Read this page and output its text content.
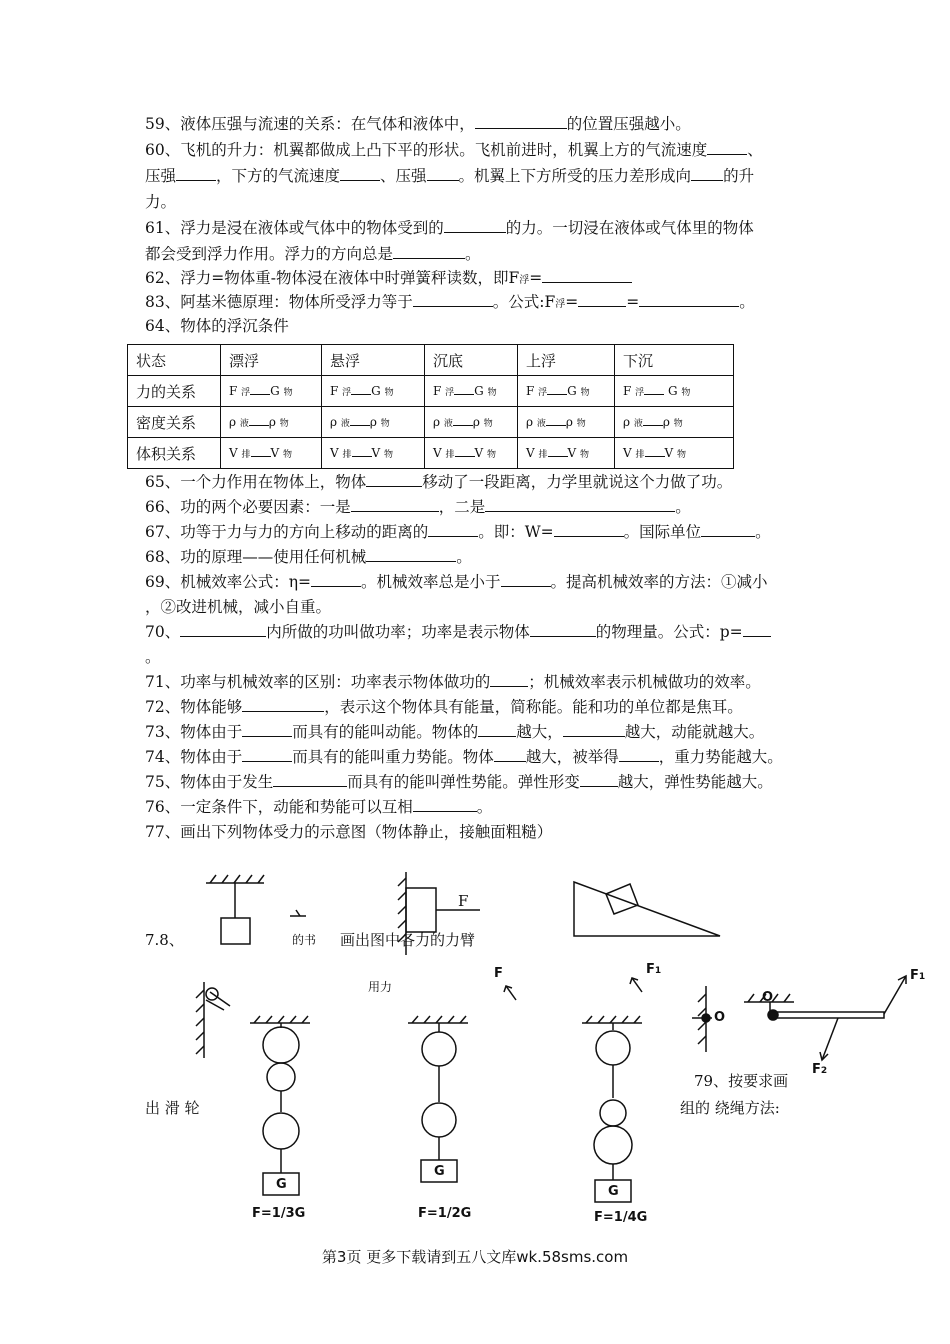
59、液体压强与流速的关系：在气体和液体中，	的位置压强越小。
60、飞机的升力：机翼都做成上凸下平的形状。飞机前进时，机翼上方的气流速度	、
压强	，下方的气流速度	、压强 。机翼上下方所受的压力差形成向 的升
力。
61、浮力是浸在液体或气体中的物体受到的	的力。一切浸在液体或气体里的物体
都会受到浮力作用。浮力的方向总是	。
62、浮力=物体重-物体浸在液体中时弹簧秤读数，即F浮=
83、阿基米德原理：物体所受浮力等于	。公式:F浮=	=	。
64、物体的浮沉条件
状态	漂浮	悬浮	沉底	上浮	下沉
力的关系	F 浮 G 物	F 浮 G 物	F 浮 G 物	F 浮 G 物	F 浮 G 物
密度关系	ρ 液 ρ 物	ρ 液 ρ 物	ρ 液 ρ 物	ρ 液 ρ 物	ρ 液 ρ 物
体积关系	V 排 V 物	V 排 V 物	V 排 V 物	V 排 V 物	V 排 V 物
65、一个力作用在物体上，物体	移动了一段距离，力学里就说这个力做了功。
66、功的两个必要因素：一是	，二是	。
67、功等于力与力的方向上移动的距离的	。即：W=	。国际单位	。
68、功的原理——使用任何机械	。
69、机械效率公式：η=	。机械效率总是小于	。提高机械效率的方法：①减小
，②改进机械，减小自重。
70、	内所做的功叫做功率；功率是表示物体	的物理量。公式：p=
。
71、功率与机械效率的区别：功率表示物体做功的 ；机械效率表示机械做功的效率。
72、物体能够	，表示这个物体具有能量，简称能。能和功的单位都是焦耳。
73、物体由于	而具有的能叫动能。物体的 越大，	越大，动能就越大。
74、物体由于	而具有的能叫重力势能。物体 越大，被举得	，重力势能越大。
75、物体由于发生	而具有的能叫弹性势能。弹性形变 越大，弹性势能越大。
76、一定条件下，动能和势能可以互相	。
77、画出下列物体受力的示意图（物体静止，接触面粗糙）
的书
F
7.8、	画出图中各力的力臂
用力
F	F1
O
O
F1
F2
出 滑 轮
79、按要求画
组的 绕绳方法:
G
G
G
F=1/3G	F=1/2G	F=1/4G
第3页 更多下载请到五八文库wk.58sms.com
